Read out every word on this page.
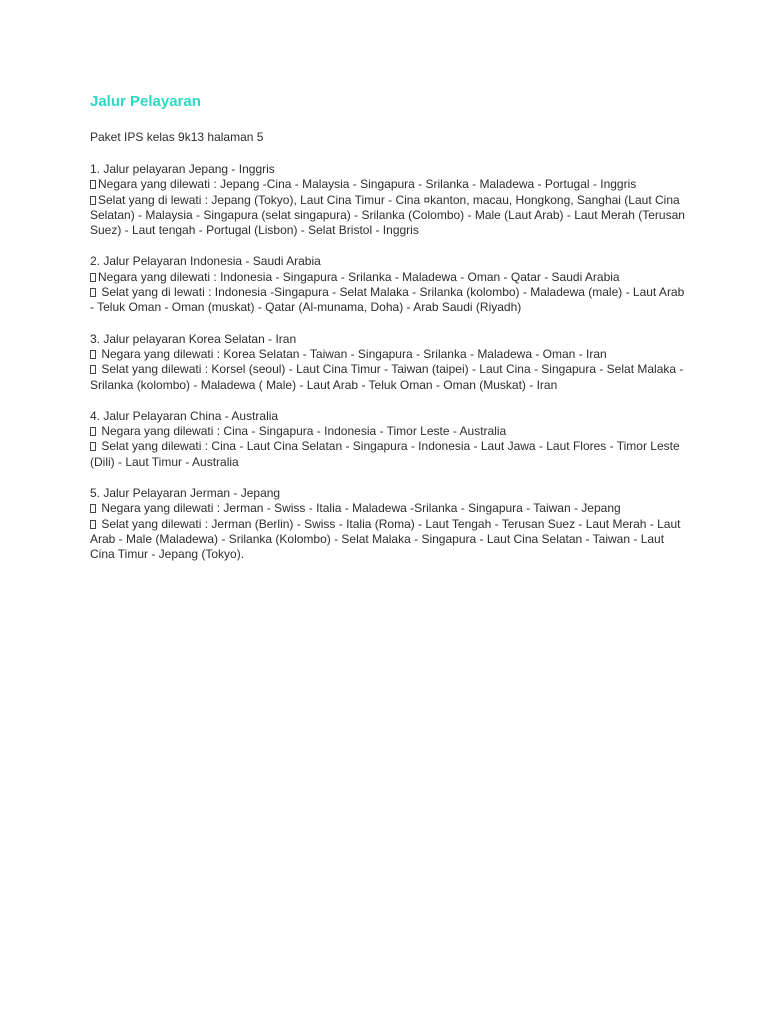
Jalur Pelayaran

Paket IPS kelas 9k13 halaman 5

1. Jalur pelayaran Jepang - Inggris
Negara yang dilewati : Jepang -Cina - Malaysia - Singapura - Srilanka - Maladewa - Portugal - Inggris
Selat yang di lewati : Jepang (Tokyo), Laut Cina Timur - Cina ¤kanton, macau, Hongkong, Sanghai (Laut Cina Selatan) - Malaysia - Singapura (selat singapura) - Srilanka (Colombo) - Male (Laut Arab) - Laut Merah (Terusan Suez) - Laut tengah - Portugal (Lisbon) - Selat Bristol - Inggris
2. Jalur Pelayaran Indonesia - Saudi Arabia
Negara yang dilewati : Indonesia - Singapura - Srilanka - Maladewa - Oman - Qatar - Saudi Arabia
Selat yang di lewati : Indonesia -Singapura - Selat Malaka - Srilanka (kolombo) - Maladewa (male) - Laut Arab - Teluk Oman - Oman (muskat) - Qatar (Al-munama, Doha) - Arab Saudi (Riyadh)
3. Jalur pelayaran Korea Selatan - Iran
Negara yang dilewati : Korea Selatan - Taiwan - Singapura - Srilanka - Maladewa - Oman - Iran
Selat yang dilewati : Korsel (seoul) - Laut Cina Timur - Taiwan (taipei) - Laut Cina - Singapura - Selat Malaka - Srilanka (kolombo) - Maladewa ( Male) - Laut Arab - Teluk Oman - Oman (Muskat) - Iran
4. Jalur Pelayaran China - Australia
Negara yang dilewati : Cina - Singapura - Indonesia - Timor Leste - Australia
Selat yang dilewati : Cina - Laut Cina Selatan - Singapura - Indonesia - Laut Jawa - Laut Flores - Timor Leste (Dili) - Laut Timur - Australia
5. Jalur Pelayaran Jerman - Jepang
Negara yang dilewati : Jerman - Swiss - Italia - Maladewa -Srilanka - Singapura - Taiwan - Jepang
Selat yang dilewati : Jerman (Berlin) - Swiss - Italia (Roma) - Laut Tengah - Terusan Suez - Laut Merah - Laut Arab - Male (Maladewa) - Srilanka (Kolombo) - Selat Malaka - Singapura - Laut Cina Selatan - Taiwan - Laut Cina Timur - Jepang (Tokyo).
